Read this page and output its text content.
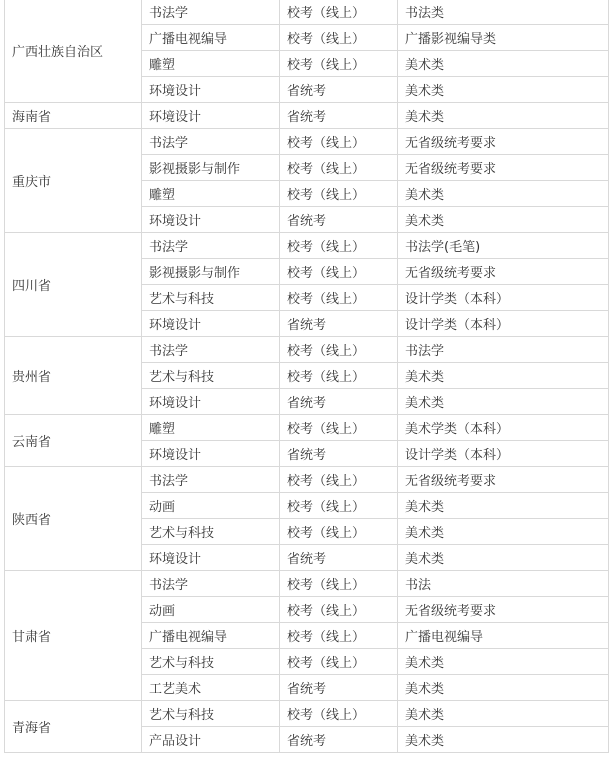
广西壮族自治区	书法学	校考（线上）	书法类
	广播电视编导	校考（线上）	广播影视编导类
	雕塑	校考（线上）	美术类
	环境设计	省统考	美术类
海南省	环境设计	省统考	美术类
重庆市	书法学	校考（线上）	无省级统考要求
	影视摄影与制作	校考（线上）	无省级统考要求
	雕塑	校考（线上）	美术类
	环境设计	省统考	美术类
四川省	书法学	校考（线上）	书法学(毛笔)
	影视摄影与制作	校考（线上）	无省级统考要求
	艺术与科技	校考（线上）	设计学类（本科）
	环境设计	省统考	设计学类（本科）
贵州省	书法学	校考（线上）	书法学
	艺术与科技	校考（线上）	美术类
	环境设计	省统考	美术类
云南省	雕塑	校考（线上）	美术学类（本科）
	环境设计	省统考	设计学类（本科）
陕西省	书法学	校考（线上）	无省级统考要求
	动画	校考（线上）	美术类
	艺术与科技	校考（线上）	美术类
	环境设计	省统考	美术类
甘肃省	书法学	校考（线上）	书法
	动画	校考（线上）	无省级统考要求
	广播电视编导	校考（线上）	广播电视编导
	艺术与科技	校考（线上）	美术类
	工艺美术	省统考	美术类
青海省	艺术与科技	校考（线上）	美术类
	产品设计	省统考	美术类
